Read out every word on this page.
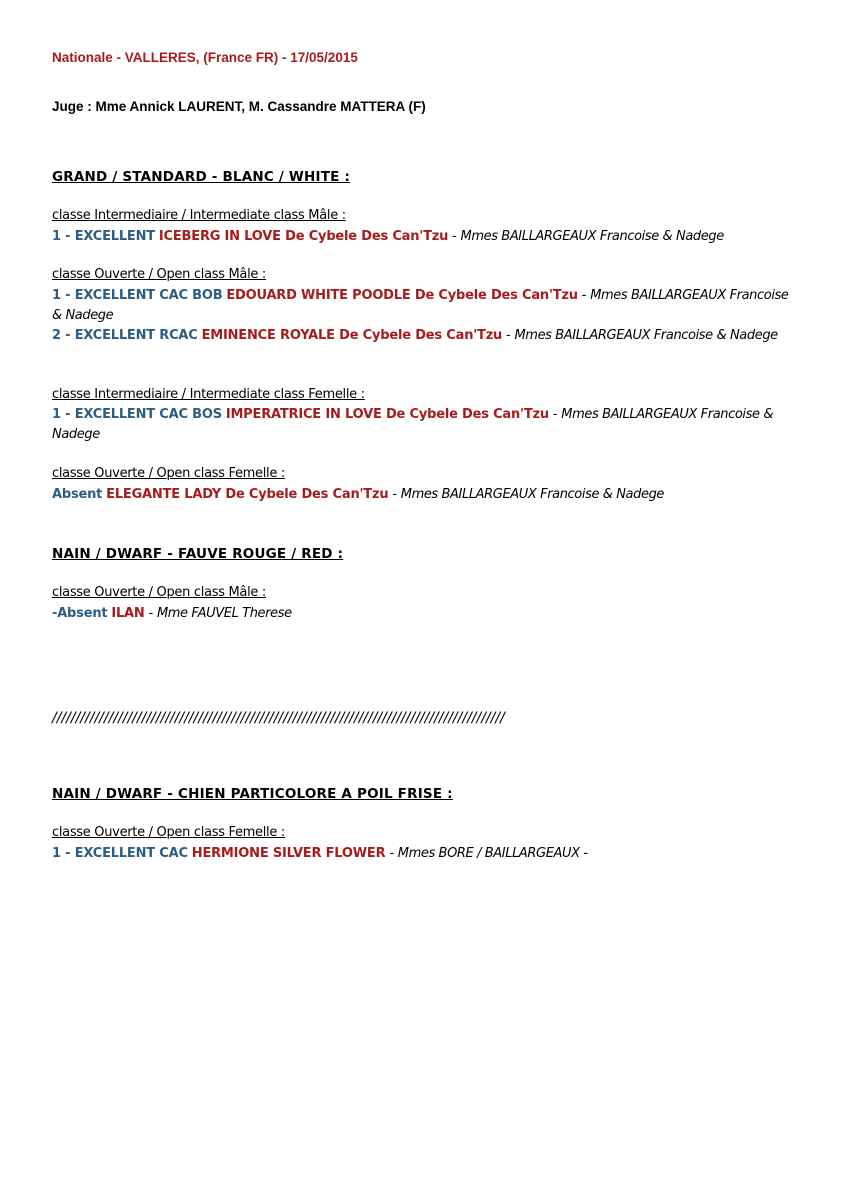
Nationale - VALLERES, (France FR) - 17/05/2015
Juge : Mme Annick LAURENT, M. Cassandre MATTERA (F)
GRAND / STANDARD - BLANC / WHITE :
classe Intermediaire / Intermediate class Mâle :
1 - EXCELLENT ICEBERG IN LOVE De Cybele Des Can'Tzu - Mmes BAILLARGEAUX Francoise & Nadege
classe Ouverte / Open class Mâle :
1 - EXCELLENT CAC BOB EDOUARD WHITE POODLE De Cybele Des Can'Tzu - Mmes BAILLARGEAUX Francoise & Nadege
2 - EXCELLENT RCAC EMINENCE ROYALE De Cybele Des Can'Tzu - Mmes BAILLARGEAUX Francoise & Nadege
classe Intermediaire / Intermediate class Femelle :
1 - EXCELLENT CAC BOS IMPERATRICE IN LOVE De Cybele Des Can'Tzu - Mmes BAILLARGEAUX Francoise & Nadege
classe Ouverte / Open class Femelle :
Absent ELEGANTE LADY De Cybele Des Can'Tzu - Mmes BAILLARGEAUX Francoise & Nadege
NAIN / DWARF - FAUVE ROUGE / RED :
classe Ouverte / Open class Mâle :
-Absent ILAN - Mme FAUVEL Therese
////////////////////////////////////////////////////////////////////////////////////////////////
NAIN / DWARF - CHIEN PARTICOLORE A POIL FRISE :
classe Ouverte / Open class Femelle :
1 - EXCELLENT CAC HERMIONE SILVER FLOWER - Mmes BORE / BAILLARGEAUX -
